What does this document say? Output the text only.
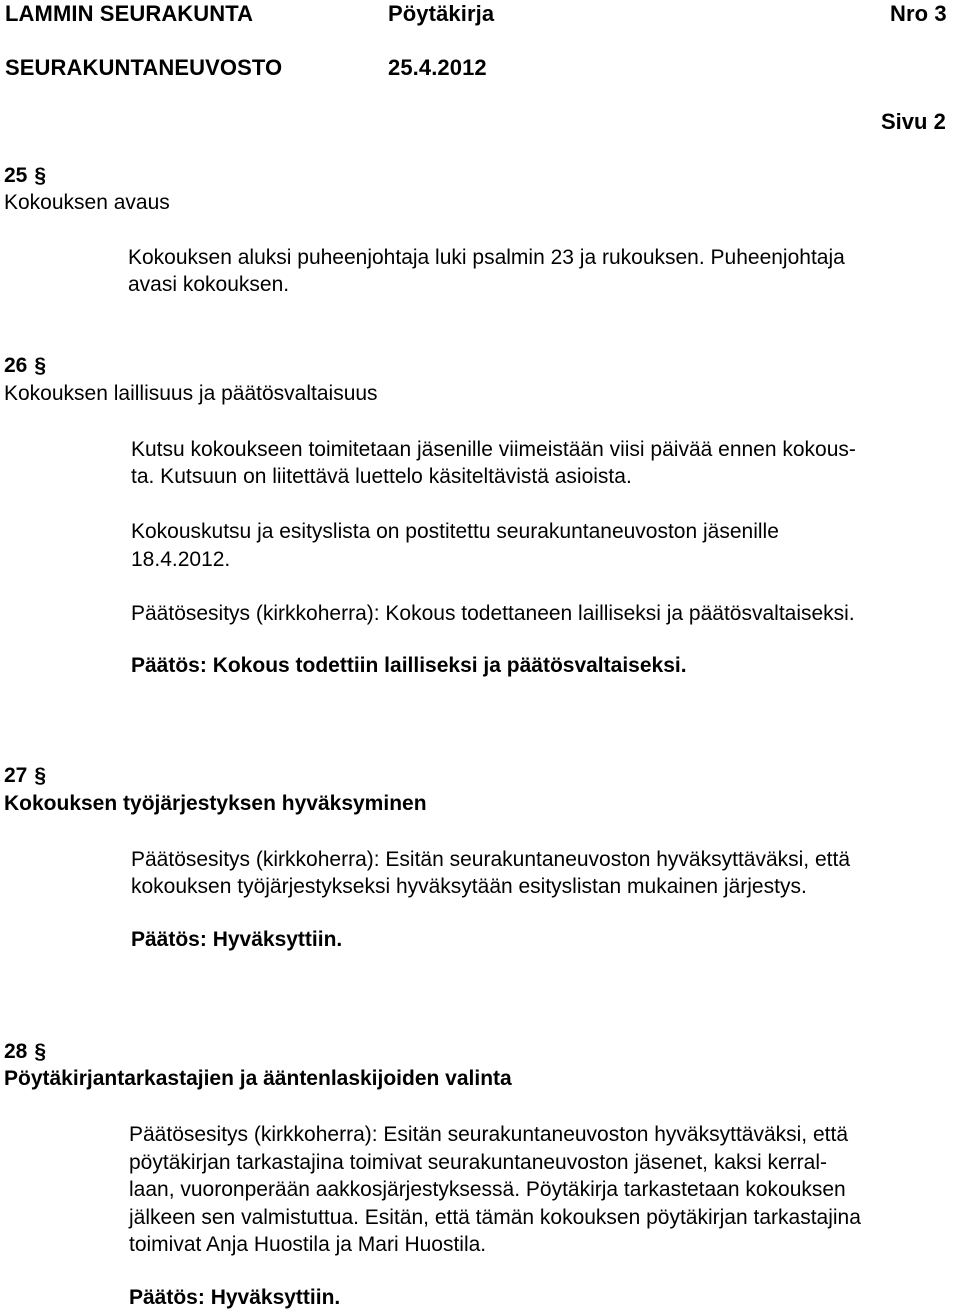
LAMMIN SEURAKUNTA	Pöytäkirja	Nro 3
SEURAKUNTANEUVOSTO	25.4.2012
Sivu 2
25 §
Kokouksen avaus
Kokouksen aluksi puheenjohtaja luki psalmin 23 ja rukouksen. Puheenjohtaja
avasi kokouksen.
26 §
Kokouksen laillisuus ja päätösvaltaisuus
Kutsu kokoukseen toimitetaan jäsenille viimeistään viisi päivää ennen kokous-
ta. Kutsuun on liitettävä luettelo käsiteltävistä asioista.
Kokouskutsu ja esityslista on postitettu seurakuntaneuvoston jäsenille
18.4.2012.
Päätösesitys (kirkkoherra): Kokous todettaneen lailliseksi ja päätösvaltaiseksi.
Päätös: Kokous todettiin lailliseksi ja päätösvaltaiseksi.
27 §
Kokouksen työjärjestyksen hyväksyminen
Päätösesitys (kirkkoherra): Esitän seurakuntaneuvoston hyväksyttäväksi, että
kokouksen työjärjestykseksi hyväksytään esityslistan mukainen järjestys.
Päätös: Hyväksyttiin.
28 §
Pöytäkirjantarkastajien ja ääntenlaskijoiden valinta
Päätösesitys (kirkkoherra): Esitän seurakuntaneuvoston hyväksyttäväksi, että
pöytäkirjan tarkastajina toimivat seurakuntaneuvoston jäsenet, kaksi kerral-
laan, vuoronperään aakkosjärjestyksessä. Pöytäkirja tarkastetaan kokouksen
jälkeen sen valmistuttua. Esitän, että tämän kokouksen pöytäkirjan tarkastajina
toimivat Anja Huostila ja Mari Huostila.
Päätös: Hyväksyttiin.
